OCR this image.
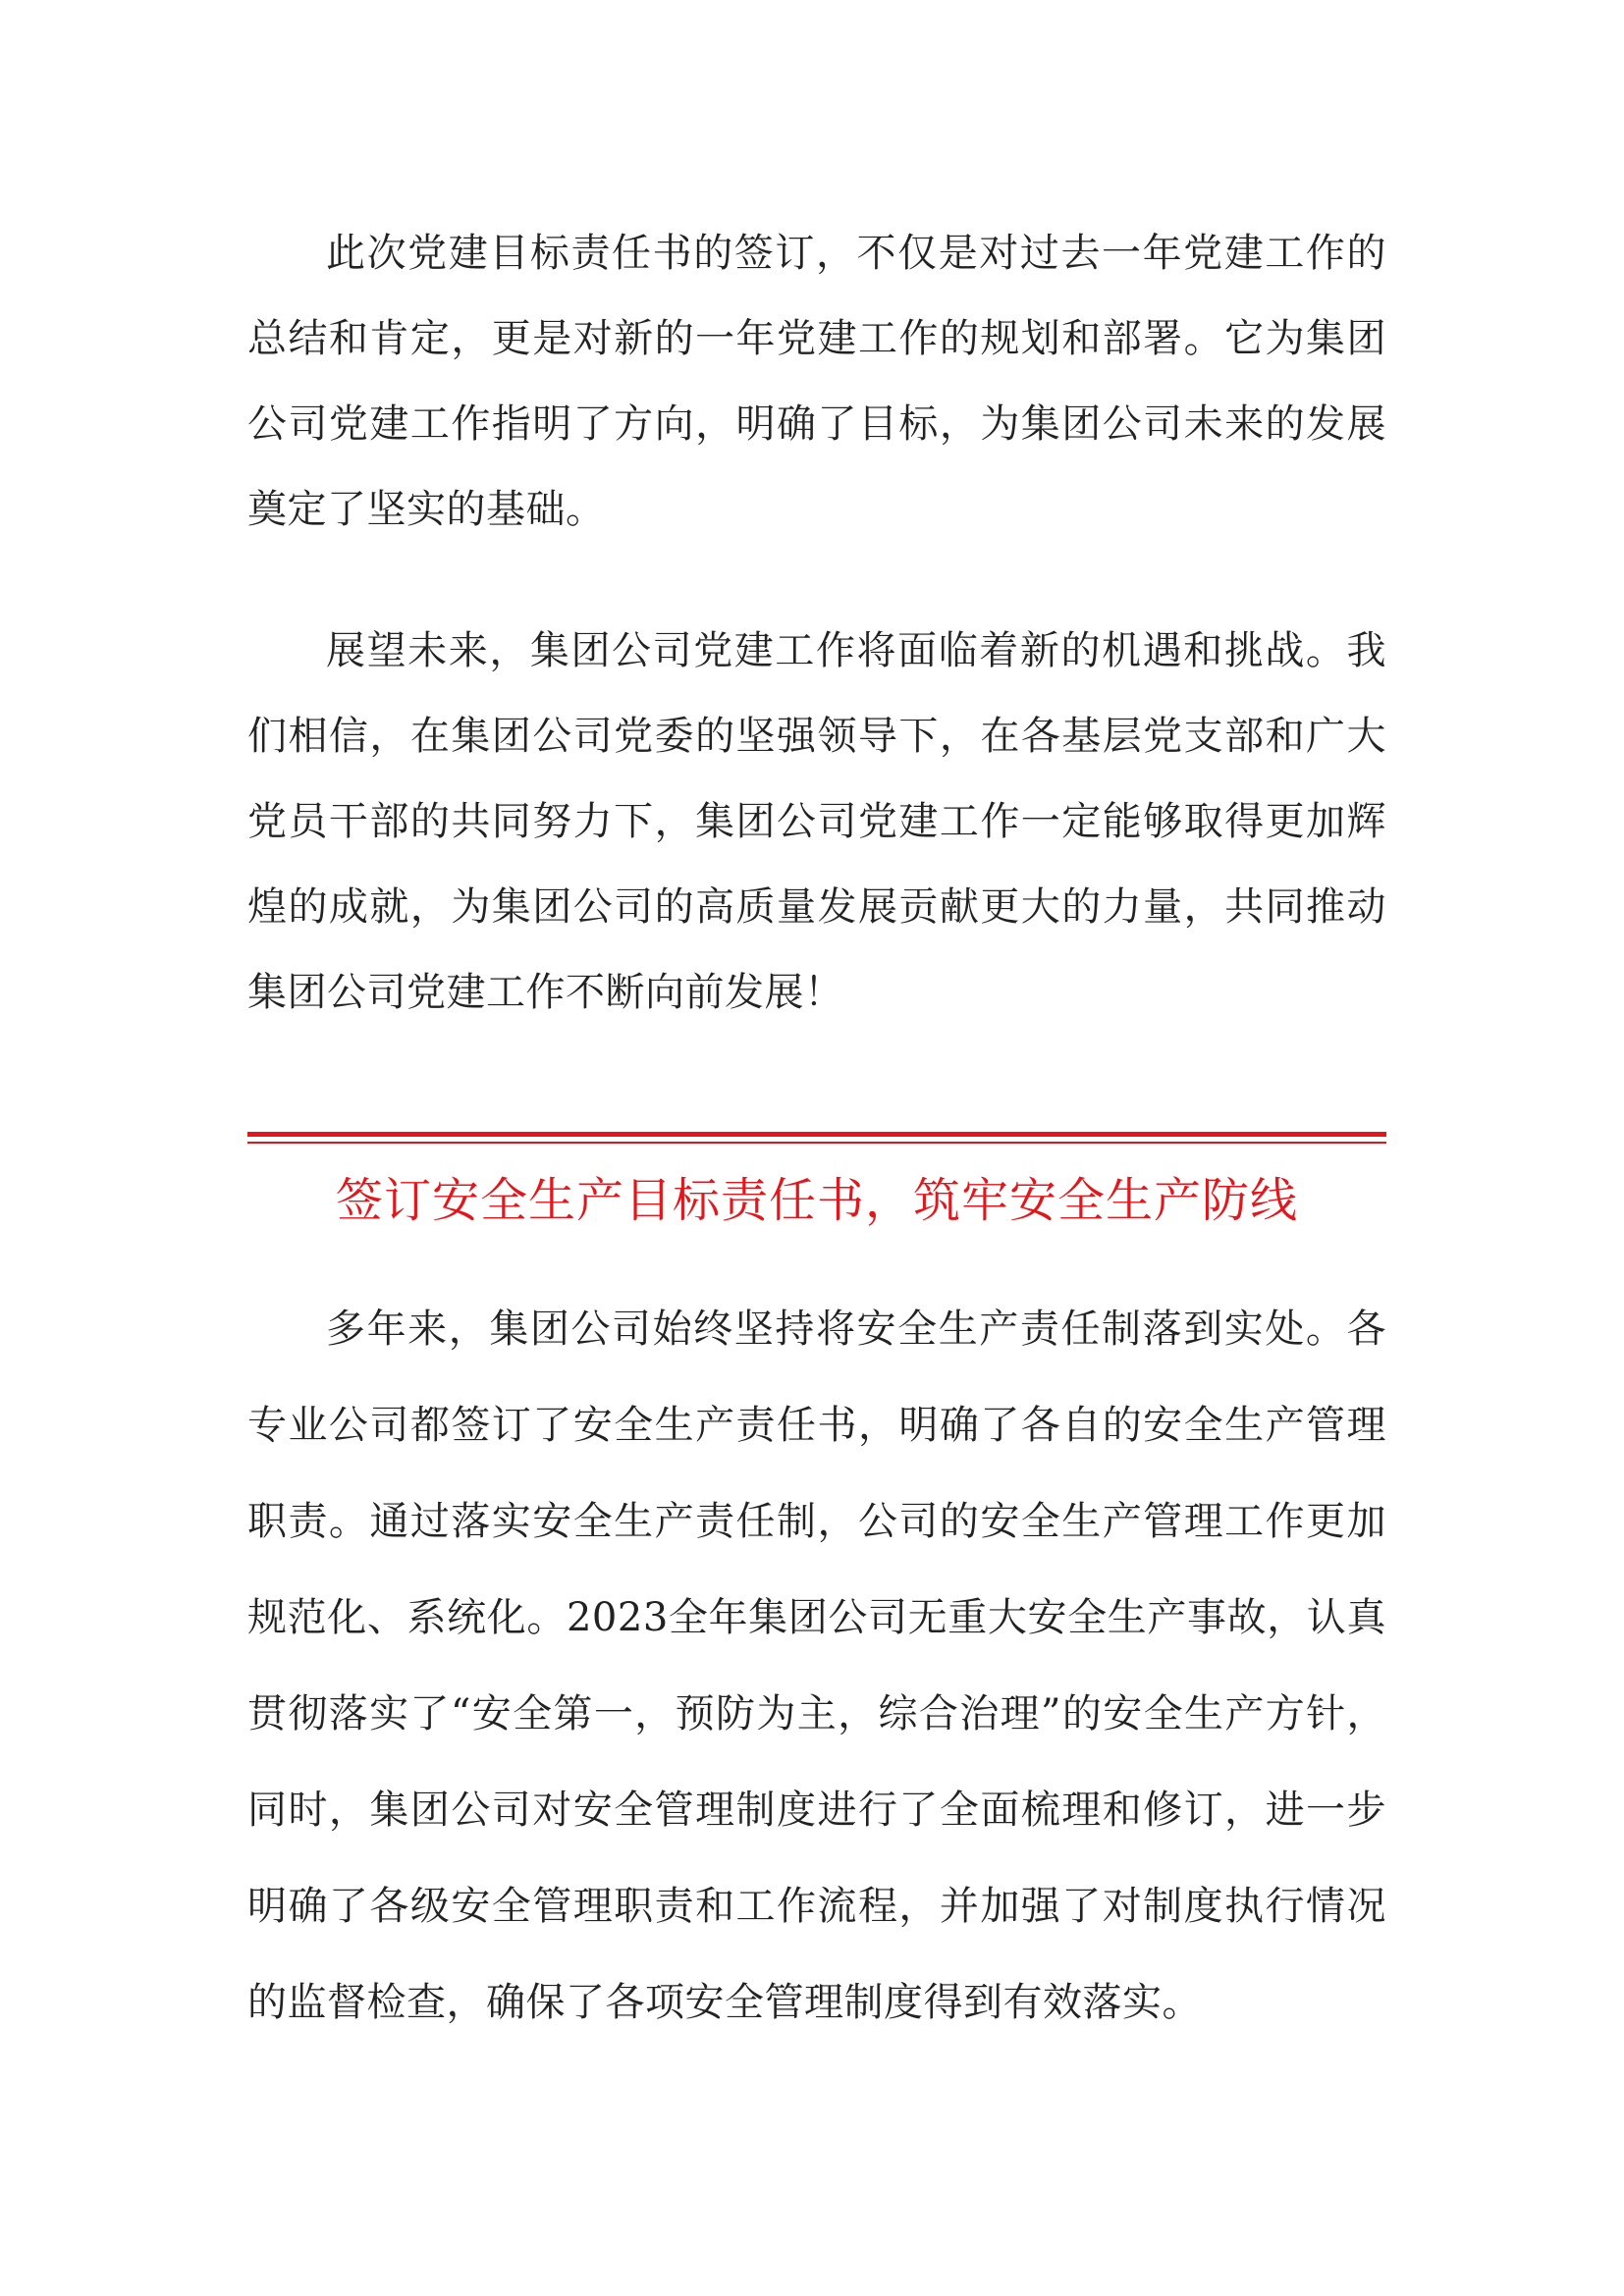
此次党建目标责任书的签订，不仅是对过去一年党建工作的总结和肯定，更是对新的一年党建工作的规划和部署。它为集团公司党建工作指明了方向，明确了目标，为集团公司未来的发展奠定了坚实的基础。

展望未来，集团公司党建工作将面临着新的机遇和挑战。我们相信，在集团公司党委的坚强领导下，在各基层党支部和广大党员干部的共同努力下，集团公司党建工作一定能够取得更加辉煌的成就，为集团公司的高质量发展贡献更大的力量，共同推动集团公司党建工作不断向前发展！

签订安全生产目标责任书，筑牢安全生产防线

多年来，集团公司始终坚持将安全生产责任制落到实处。各专业公司都签订了安全生产责任书，明确了各自的安全生产管理职责。通过落实安全生产责任制，公司的安全生产管理工作更加规范化、系统化。2023全年集团公司无重大安全生产事故，认真贯彻落实了“安全第一，预防为主，综合治理”的安全生产方针，同时，集团公司对安全管理制度进行了全面梳理和修订，进一步明确了各级安全管理职责和工作流程，并加强了对制度执行情况的监督检查，确保了各项安全管理制度得到有效落实。
